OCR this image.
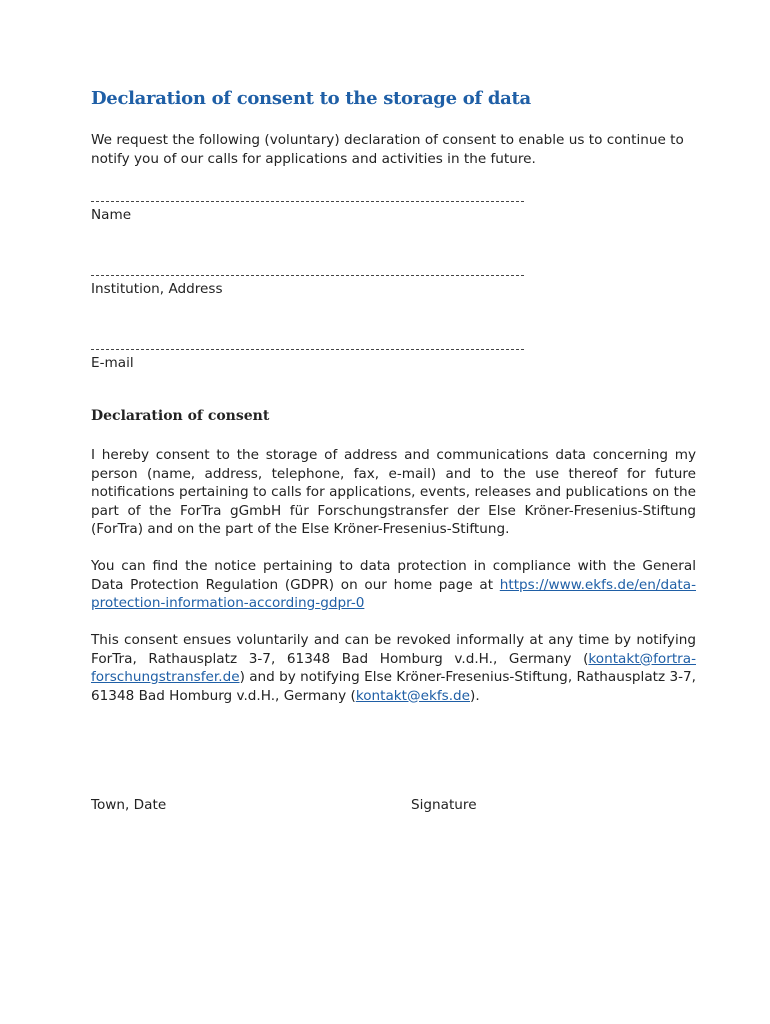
Declaration of consent to the storage of data
We request the following (voluntary) declaration of consent to enable us to continue to notify you of our calls for applications and activities in the future.
Name
Institution, Address
E-mail
Declaration of consent
I hereby consent to the storage of address and communications data concerning my person (name, address, telephone, fax, e-mail) and to the use thereof for future notifications pertaining to calls for applications, events, releases and publications on the part of the ForTra gGmbH für Forschungstransfer der Else Kröner-Fresenius-Stiftung (ForTra) and on the part of the Else Kröner-Fresenius-Stiftung.
You can find the notice pertaining to data protection in compliance with the General Data Protection Regulation (GDPR) on our home page at https://www.ekfs.de/en/data-protection-information-according-gdpr-0
This consent ensues voluntarily and can be revoked informally at any time by notifying ForTra, Rathausplatz 3-7, 61348 Bad Homburg v.d.H., Germany (kontakt@fortra-forschungstransfer.de) and by notifying Else Kröner-Fresenius-Stiftung, Rathausplatz 3-7, 61348 Bad Homburg v.d.H., Germany (kontakt@ekfs.de).
Town, Date	Signature
